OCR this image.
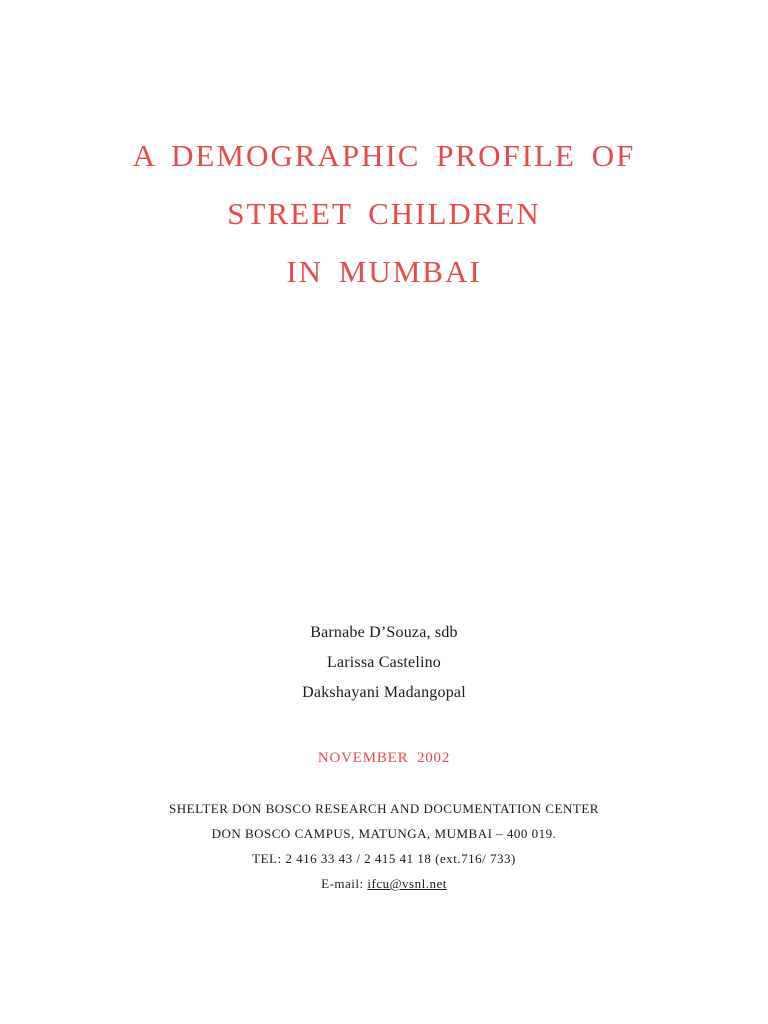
A DEMOGRAPHIC PROFILE OF
STREET CHILDREN
IN MUMBAI
Barnabe D’Souza, sdb
Larissa Castelino
Dakshayani Madangopal
NOVEMBER 2002
SHELTER DON BOSCO RESEARCH AND DOCUMENTATION CENTER
DON BOSCO CAMPUS, MATUNGA, MUMBAI – 400 019.
TEL: 2 416 33 43 / 2 415 41 18 (ext.716/ 733)
E-mail: ifcu@vsnl.net
